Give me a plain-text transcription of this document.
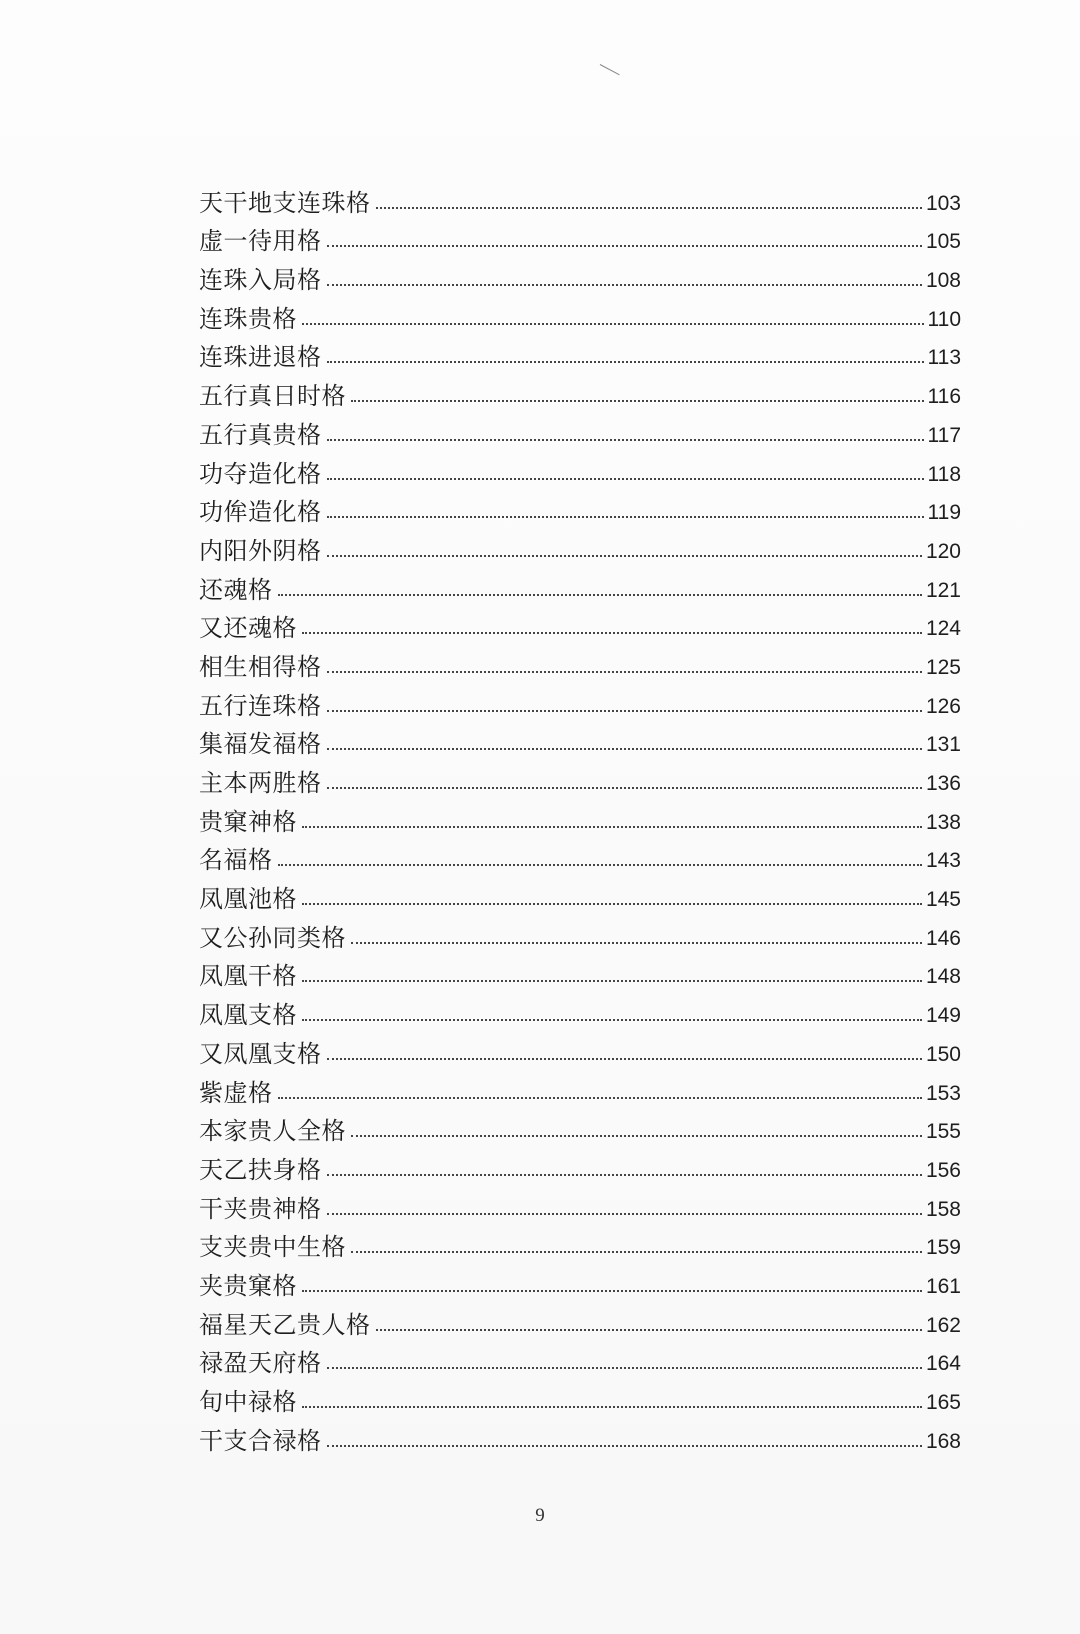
天干地支连珠格	103
虚一待用格	105
连珠入局格	108
连珠贵格	110
连珠进退格	113
五行真日时格	116
五行真贵格	117
功夺造化格	118
功侔造化格	119
内阳外阴格	120
还魂格	121
又还魂格	124
相生相得格	125
五行连珠格	126
集福发福格	131
主本两胜格	136
贵窠神格	138
名福格	143
凤凰池格	145
又公孙同类格	146
凤凰干格	148
凤凰支格	149
又凤凰支格	150
紫虚格	153
本家贵人全格	155
天乙扶身格	156
干夹贵神格	158
支夹贵中生格	159
夹贵窠格	161
福星天乙贵人格	162
禄盈天府格	164
旬中禄格	165
干支合禄格	168
9
